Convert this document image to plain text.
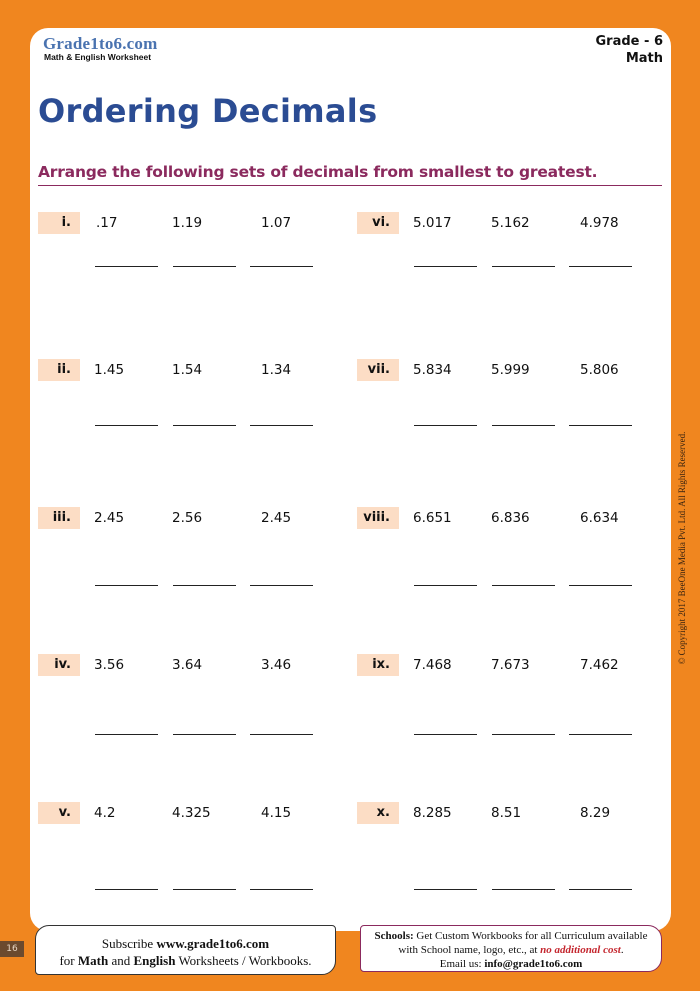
Grade1to6.com
Math & English Worksheet
Grade - 6
Math
Ordering Decimals
Arrange the following sets of decimals from smallest to greatest.
i.	.17	1.19	1.07
ii.	1.45	1.54	1.34
iii.	2.45	2.56	2.45
iv.	3.56	3.64	3.46
v.	4.2	4.325	4.15
vi.	5.017	5.162	4.978
vii.	5.834	5.999	5.806
viii.	6.651	6.836	6.634
ix.	7.468	7.673	7.462
x.	8.285	8.51	8.29
16	Subscribe www.grade1to6.com
for Math and English Worksheets / Workbooks.
Schools: Get Custom Workbooks for all Curriculum available
with School name, logo, etc., at no additional cost.
Email us: info@grade1to6.com
© Copyright 2017 BeeOne Media Pvt. Ltd. All Rights Reserved.
